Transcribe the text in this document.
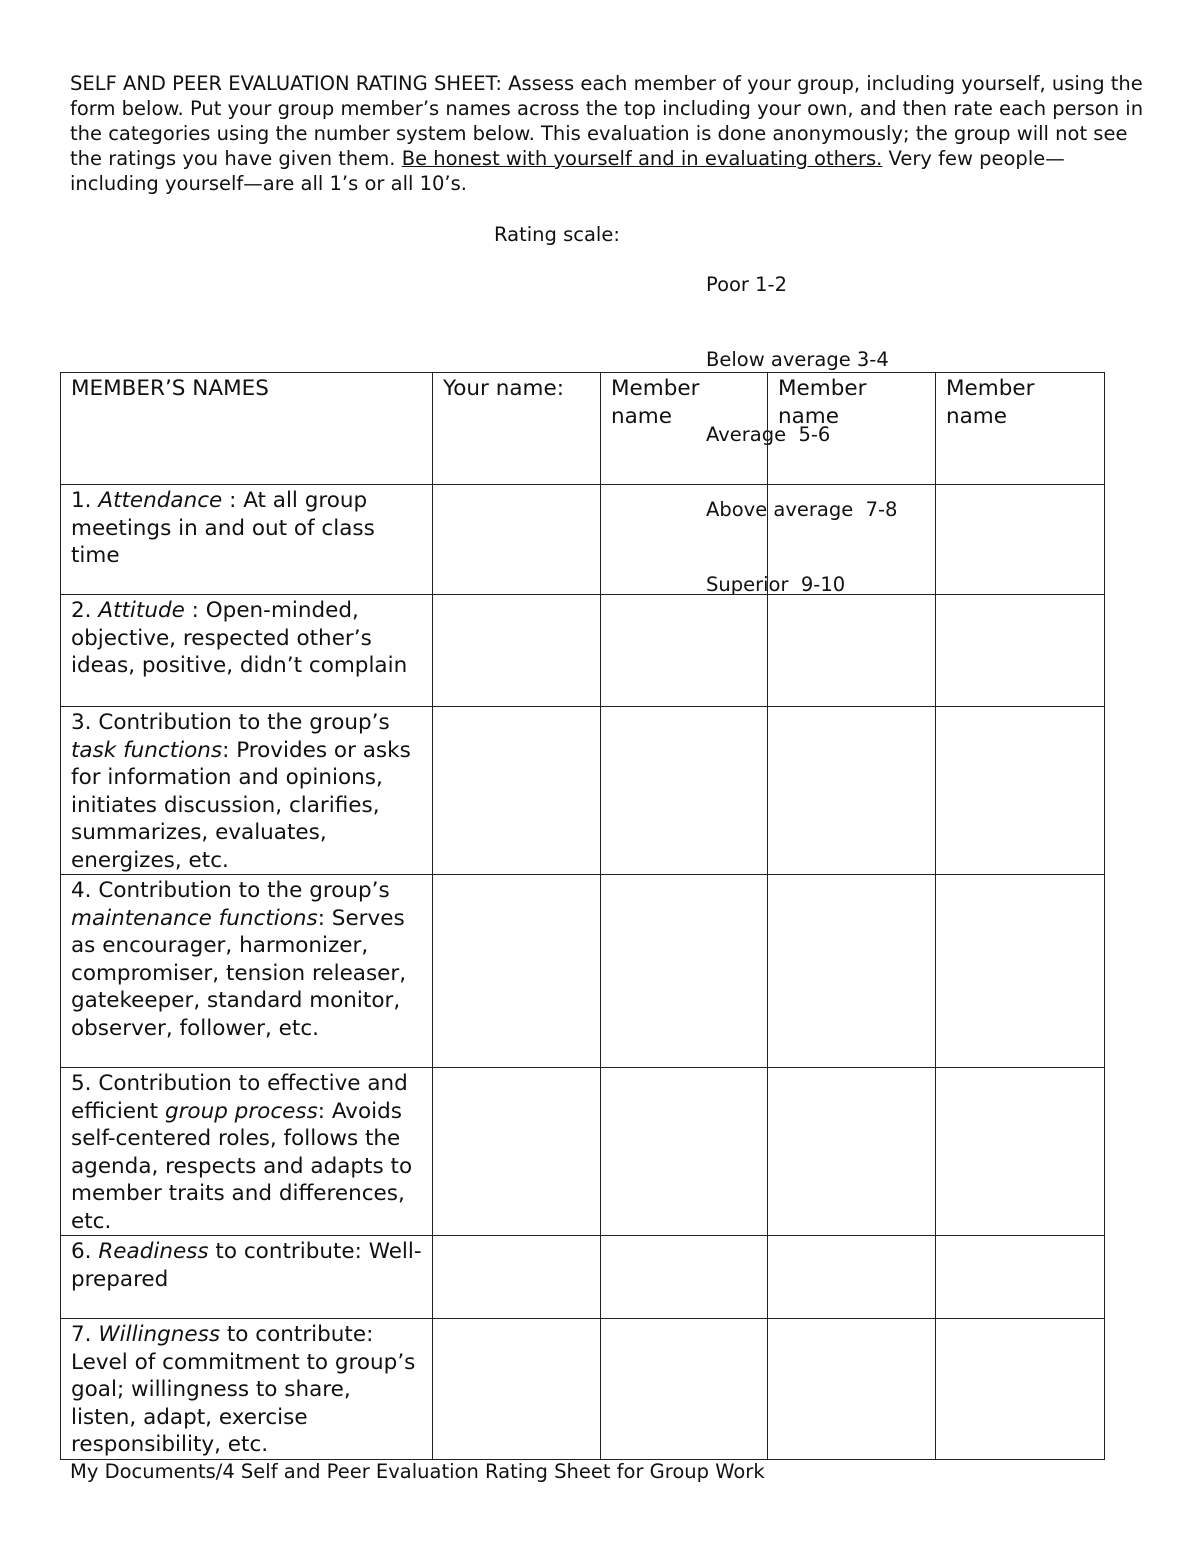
SELF AND PEER EVALUATION RATING SHEET: Assess each member of your group, including yourself, using the form below. Put your group member’s names across the top including your own, and then rate each person in the categories using the number system below. This evaluation is done anonymously; the group will not see the ratings you have given them. Be honest with yourself and in evaluating others. Very few people—including yourself—are all 1’s or all 10’s.

Rating scale:

Poor 1-2

Below average 3-4

Average  5-6

Above average  7-8

Superior  9-10

MEMBER’S NAMES	Your name:	Member name	Member name	Member name
1. Attendance : At all group meetings in and out of class time				
2. Attitude : Open-minded, objective, respected other’s ideas, positive, didn’t complain				
3. Contribution to the group’s task functions: Provides or asks for information and opinions, initiates discussion, clarifies, summarizes, evaluates, energizes, etc.				
4. Contribution to the group’s maintenance functions: Serves as encourager, harmonizer, compromiser, tension releaser, gatekeeper, standard monitor, observer, follower, etc.				
5. Contribution to effective and efficient group process: Avoids self-centered roles, follows the agenda, respects and adapts to member traits and differences, etc.				
6. Readiness to contribute: Well-prepared				
7. Willingness to contribute: Level of commitment to group’s goal; willingness to share, listen, adapt, exercise responsibility, etc.				
My Documents/4 Self and Peer Evaluation Rating Sheet for Group Work
